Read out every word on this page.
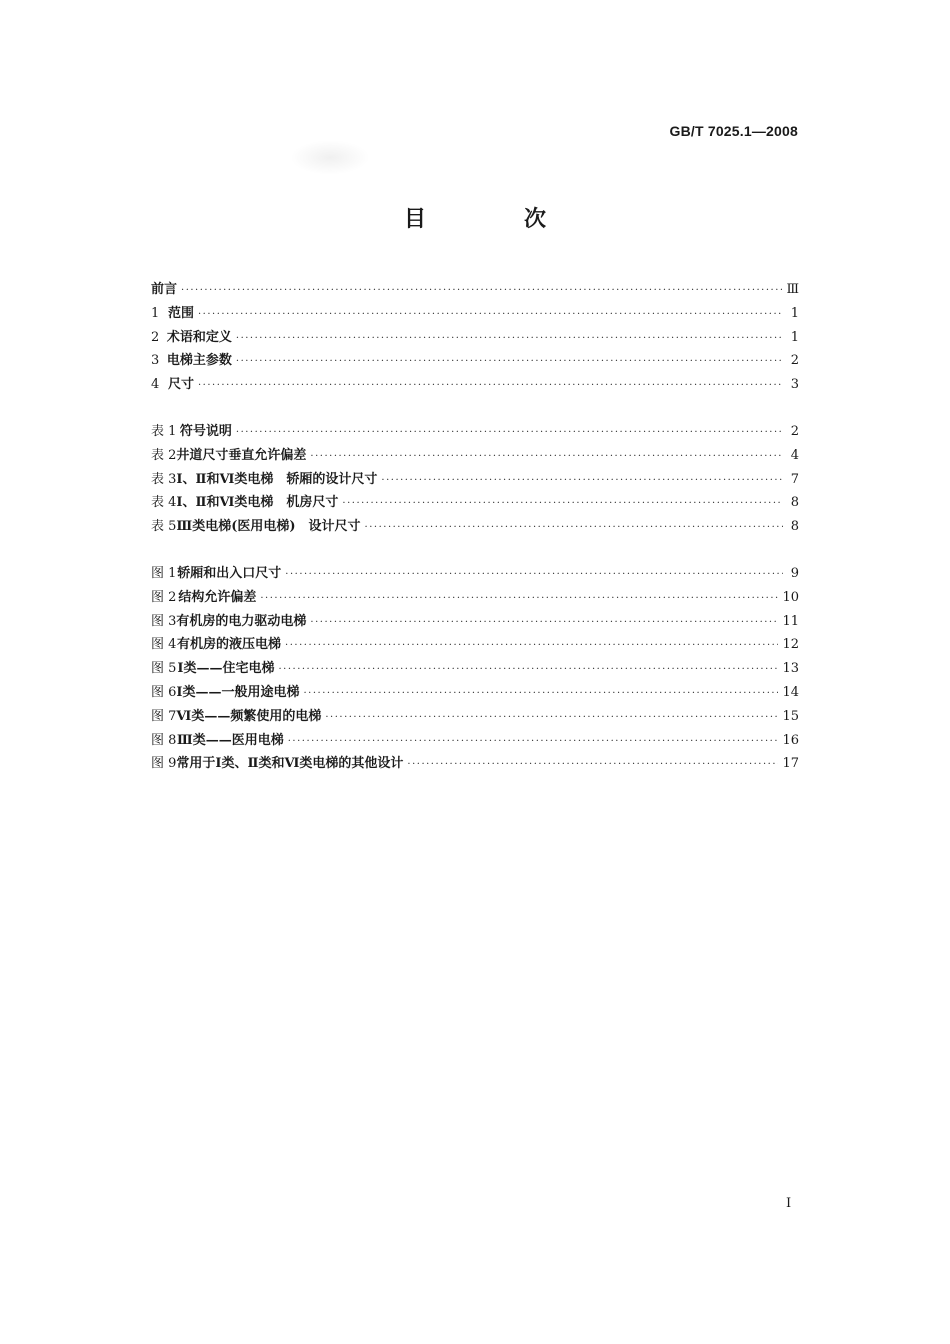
GB/T 7025.1—2008
目　次
前言 ·····	Ⅲ
1 范围 ·····	1
2 术语和定义 ·····	1
3 电梯主参数 ·····	2
4 尺寸 ·····	3
表 1 符号说明 ·····	2
表 2 井道尺寸垂直允许偏差 ·····	4
表 3 Ⅰ、Ⅱ和Ⅵ类电梯　轿厢的设计尺寸 ·····	7
表 4 Ⅰ、Ⅱ和Ⅵ类电梯　机房尺寸 ·····	8
表 5 Ⅲ类电梯(医用电梯)　设计尺寸 ·····	8
图 1 轿厢和出入口尺寸 ·····	9
图 2 结构允许偏差 ·····	10
图 3 有机房的电力驱动电梯 ·····	11
图 4 有机房的液压电梯 ·····	12
图 5 Ⅰ类——住宅电梯 ·····	13
图 6 Ⅰ类——一般用途电梯 ·····	14
图 7 Ⅵ类——频繁使用的电梯 ·····	15
图 8 Ⅲ类——医用电梯 ·····	16
图 9 常用于Ⅰ类、Ⅱ类和Ⅵ类电梯的其他设计 ·····	17
I
